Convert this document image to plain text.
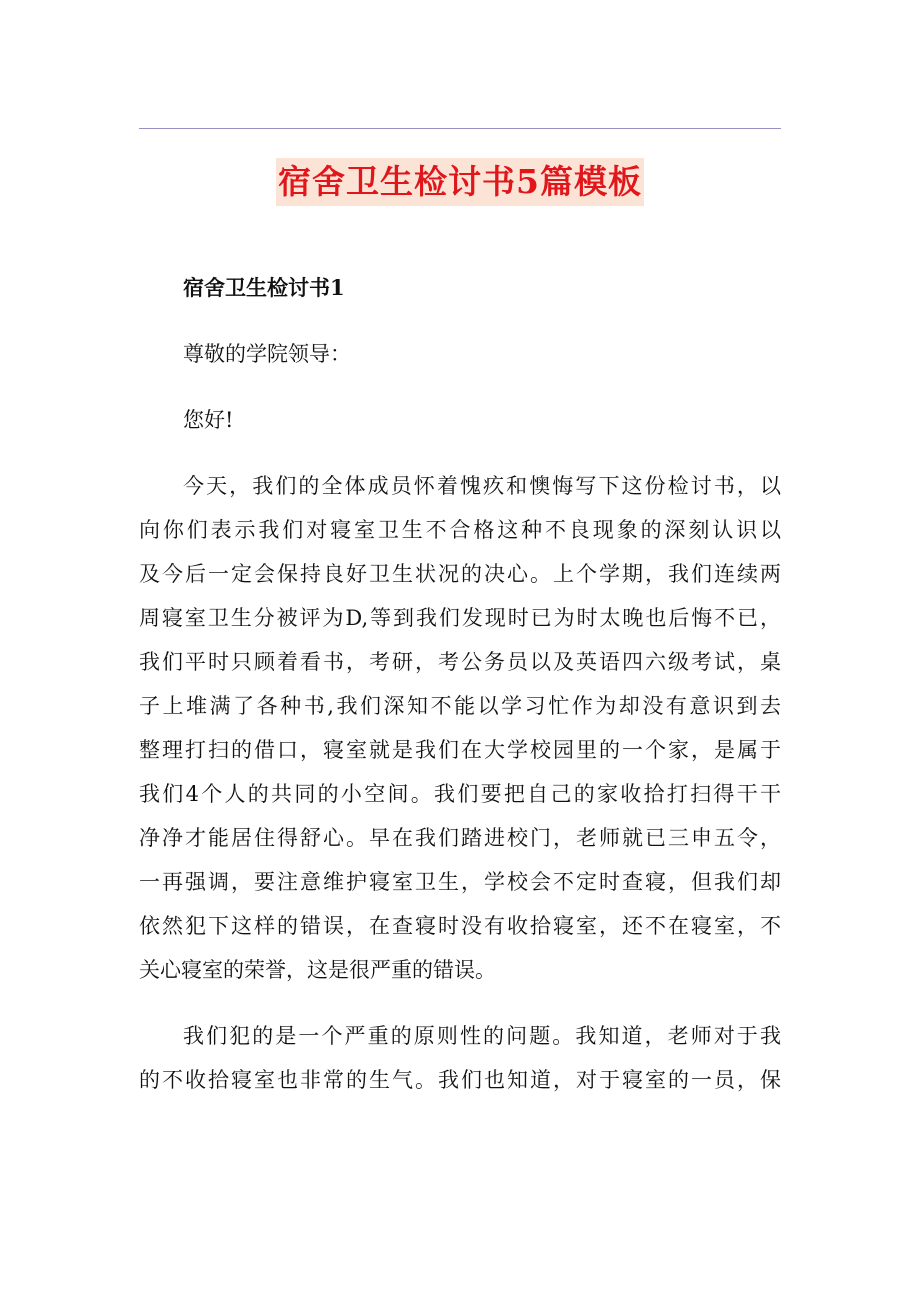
宿舍卫生检讨书5篇模板
宿舍卫生检讨书1
尊敬的学院领导：
您好!
今天，我们的全体成员怀着愧疚和懊悔写下这份检讨书，以
向你们表示我们对寝室卫生不合格这种不良现象的深刻认识以
及今后一定会保持良好卫生状况的决心。上个学期，我们连续两
周寝室卫生分被评为D,等到我们发现时已为时太晚也后悔不已，
我们平时只顾着看书，考研，考公务员以及英语四六级考试，桌
子上堆满了各种书,我们深知不能以学习忙作为却没有意识到去
整理打扫的借口，寝室就是我们在大学校园里的一个家，是属于
我们4个人的共同的小空间。我们要把自己的家收拾打扫得干干
净净才能居住得舒心。早在我们踏进校门，老师就已三申五令，
一再强调，要注意维护寝室卫生，学校会不定时查寝，但我们却
依然犯下这样的错误，在查寝时没有收拾寝室，还不在寝室，不
关心寝室的荣誉，这是很严重的错误。
我们犯的是一个严重的原则性的问题。我知道，老师对于我
的不收拾寝室也非常的生气。我们也知道，对于寝室的一员，保
